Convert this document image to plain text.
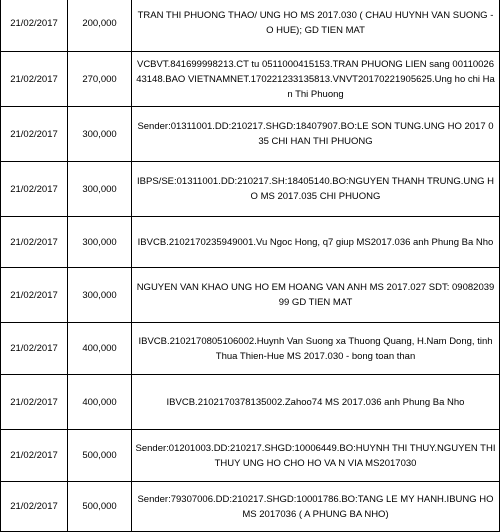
21/02/2017	200,000	TRAN THI PHUONG THAO/ UNG HO MS 2017.030 ( CHAU HUYNH VAN SUONG - O HUE); GD TIEN MAT
21/02/2017	270,000	VCBVT.841699998213.CT tu 0511000415153.TRAN PHUONG LIEN sang 0011002643148.BAO VIETNAMNET.170221233135813.VNVT20170221905625.Ung ho chi Han Thi Phuong
21/02/2017	300,000	Sender:01311001.DD:210217.SHGD:18407907.BO:LE SON TUNG.UNG HO 2017 035 CHI HAN THI PHUONG
21/02/2017	300,000	IBPS/SE:01311001.DD:210217.SH:18405140.BO:NGUYEN THANH TRUNG.UNG HO MS 2017.035 CHI PHUONG
21/02/2017	300,000	IBVCB.2102170235949001.Vu Ngoc Hong, q7 giup MS2017.036 anh Phung Ba Nho
21/02/2017	300,000	NGUYEN VAN KHAO UNG HO EM HOANG VAN ANH MS 2017.027 SDT: 0908203999 GD TIEN MAT
21/02/2017	400,000	IBVCB.2102170805106002.Huynh Van Suong xa Thuong Quang, H.Nam Dong, tinh Thua Thien-Hue MS 2017.030 - bong toan than
21/02/2017	400,000	IBVCB.2102170378135002.Zahoo74 MS 2017.036 anh Phung Ba Nho
21/02/2017	500,000	Sender:01201003.DD:210217.SHGD:10006449.BO:HUYNH THI THUY.NGUYEN THI THUY UNG HO CHO HO VA N VIA MS2017030
21/02/2017	500,000	Sender:79307006.DD:210217.SHGD:10001786.BO:TANG LE MY HANH.IBUNG HO MS 2017036 ( A PHUNG BA NHO)
